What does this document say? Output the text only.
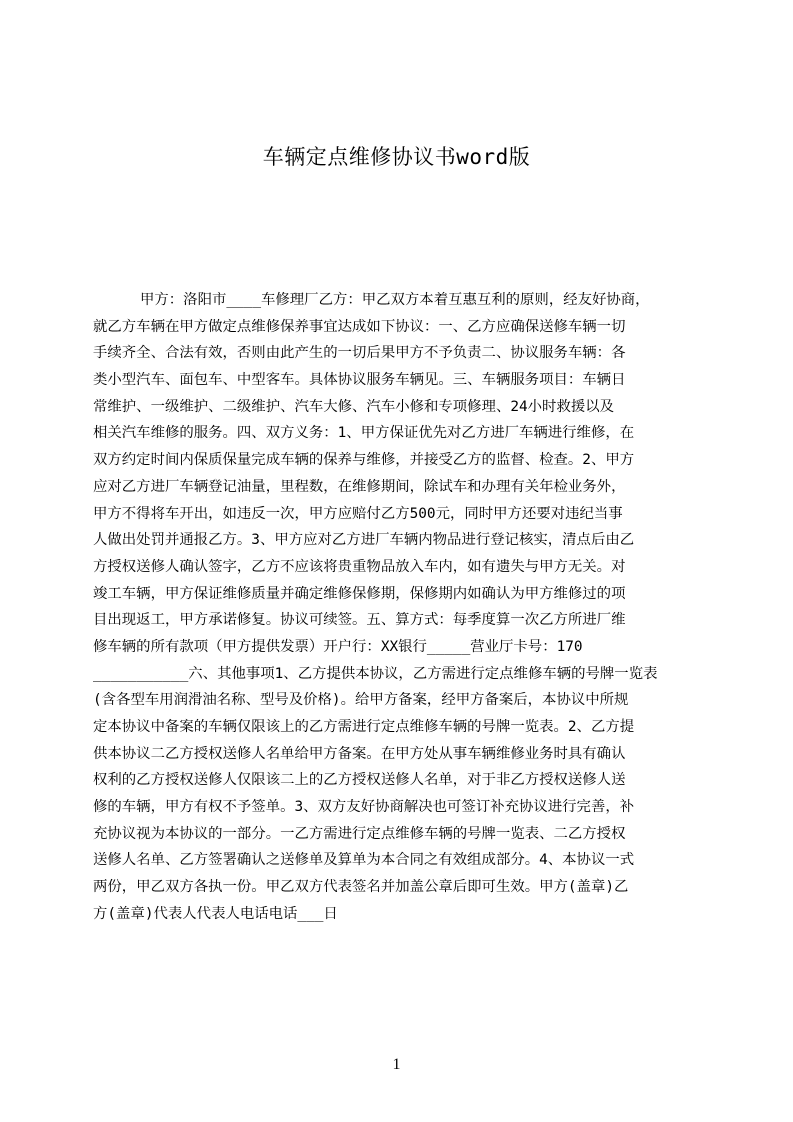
车辆定点维修协议书word版
甲方：洛阳市____车修理厂乙方：甲乙双方本着互惠互利的原则，经友好协商，
就乙方车辆在甲方做定点维修保养事宜达成如下协议：一、乙方应确保送修车辆一切
手续齐全、合法有效，否则由此产生的一切后果甲方不予负责二、协议服务车辆：各
类小型汽车、面包车、中型客车。具体协议服务车辆见。三、车辆服务项目：车辆日
常维护、一级维护、二级维护、汽车大修、汽车小修和专项修理、24小时救援以及
相关汽车维修的服务。四、双方义务：1、甲方保证优先对乙方进厂车辆进行维修，在
双方约定时间内保质保量完成车辆的保养与维修，并接受乙方的监督、检查。2、甲方
应对乙方进厂车辆登记油量，里程数，在维修期间，除试车和办理有关年检业务外，
甲方不得将车开出，如违反一次，甲方应赔付乙方500元，同时甲方还要对违纪当事
人做出处罚并通报乙方。3、甲方应对乙方进厂车辆内物品进行登记核实，清点后由乙
方授权送修人确认签字，乙方不应该将贵重物品放入车内，如有遗失与甲方无关。对
竣工车辆，甲方保证维修质量并确定维修保修期，保修期内如确认为甲方维修过的项
目出现返工，甲方承诺修复。协议可续签。五、算方式：每季度算一次乙方所进厂维
修车辆的所有款项（甲方提供发票）开户行：XX银行_____营业厅卡号：170
___________六、其他事项1、乙方提供本协议，乙方需进行定点维修车辆的号牌一览表
(含各型车用润滑油名称、型号及价格)。给甲方备案，经甲方备案后，本协议中所规
定本协议中备案的车辆仅限该上的乙方需进行定点维修车辆的号牌一览表。2、乙方提
供本协议二乙方授权送修人名单给甲方备案。在甲方处从事车辆维修业务时具有确认
权利的乙方授权送修人仅限该二上的乙方授权送修人名单，对于非乙方授权送修人送
修的车辆，甲方有权不予签单。3、双方友好协商解决也可签订补充协议进行完善，补
充协议视为本协议的一部分。一乙方需进行定点维修车辆的号牌一览表、二乙方授权
送修人名单、乙方签署确认之送修单及算单为本合同之有效组成部分。4、本协议一式
两份，甲乙双方各执一份。甲乙双方代表签名并加盖公章后即可生效。甲方(盖章)乙
方(盖章)代表人代表人电话电话___日
1
